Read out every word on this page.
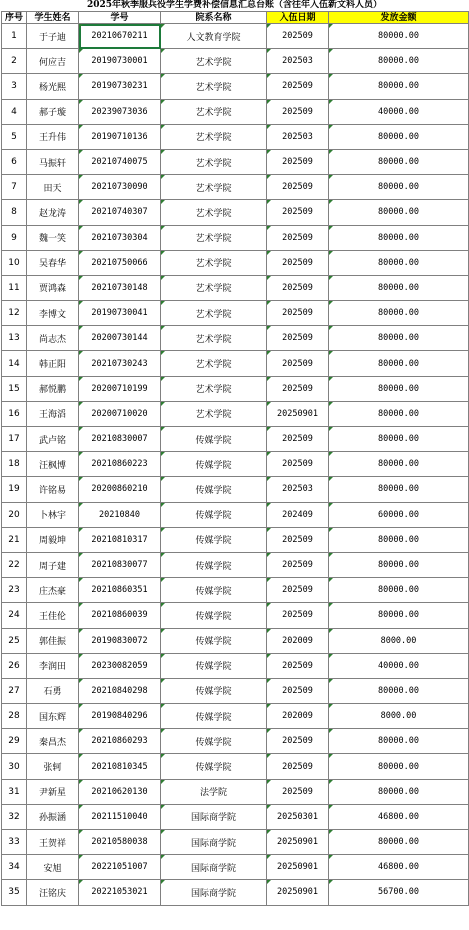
2025年秋季服兵役学生学费补偿信息汇总台账（含往年入伍新文科人员）
序号	学生姓名	学号	院系名称	入伍日期	发放金额
1	于子迪	20210670211	人文教育学院	202509	80000.00
2	何应吉	20190730001	艺术学院	202503	80000.00
3	杨光熙	20190730231	艺术学院	202509	80000.00
4	郝子璇	20239073036	艺术学院	202509	40000.00
5	王升伟	20190710136	艺术学院	202503	80000.00
6	马振轩	20210740075	艺术学院	202509	80000.00
7	田天	20210730090	艺术学院	202509	80000.00
8	赵龙涛	20210740307	艺术学院	202509	80000.00
9	魏一笑	20210730304	艺术学院	202509	80000.00
10	吴春华	20210750066	艺术学院	202509	80000.00
11	贾鸿森	20210730148	艺术学院	202509	80000.00
12	李博文	20190730041	艺术学院	202509	80000.00
13	尚志杰	20200730144	艺术学院	202509	80000.00
14	韩正阳	20210730243	艺术学院	202509	80000.00
15	郝悦鹏	20200710199	艺术学院	202509	80000.00
16	王海滔	20200710020	艺术学院	20250901	80000.00
17	武卢铭	20210830007	传媒学院	202509	80000.00
18	汪枫博	20210860223	传媒学院	202509	80000.00
19	许铭易	20200860210	传媒学院	202503	80000.00
20	卜林宇	20210840	传媒学院	202409	60000.00
21	周毅坤	20210810317	传媒学院	202509	80000.00
22	周子建	20210830077	传媒学院	202509	80000.00
23	庄杰豪	20210860351	传媒学院	202509	80000.00
24	王佳伦	20210860039	传媒学院	202509	80000.00
25	郭佳振	20190830072	传媒学院	202009	8000.00
26	李润田	20230082059	传媒学院	202509	40000.00
27	石勇	20210840298	传媒学院	202509	80000.00
28	国东辉	20190840296	传媒学院	202009	8000.00
29	秦昌杰	20210860293	传媒学院	202509	80000.00
30	张轲	20210810345	传媒学院	202509	80000.00
31	尹新星	20210620130	法学院	202509	80000.00
32	孙振涵	20211510040	国际商学院	20250301	46800.00
33	王贺祥	20210580038	国际商学院	20250901	80000.00
34	安旭	20221051007	国际商学院	20250901	46800.00
35	汪铭庆	20221053021	国际商学院	20250901	56700.00
